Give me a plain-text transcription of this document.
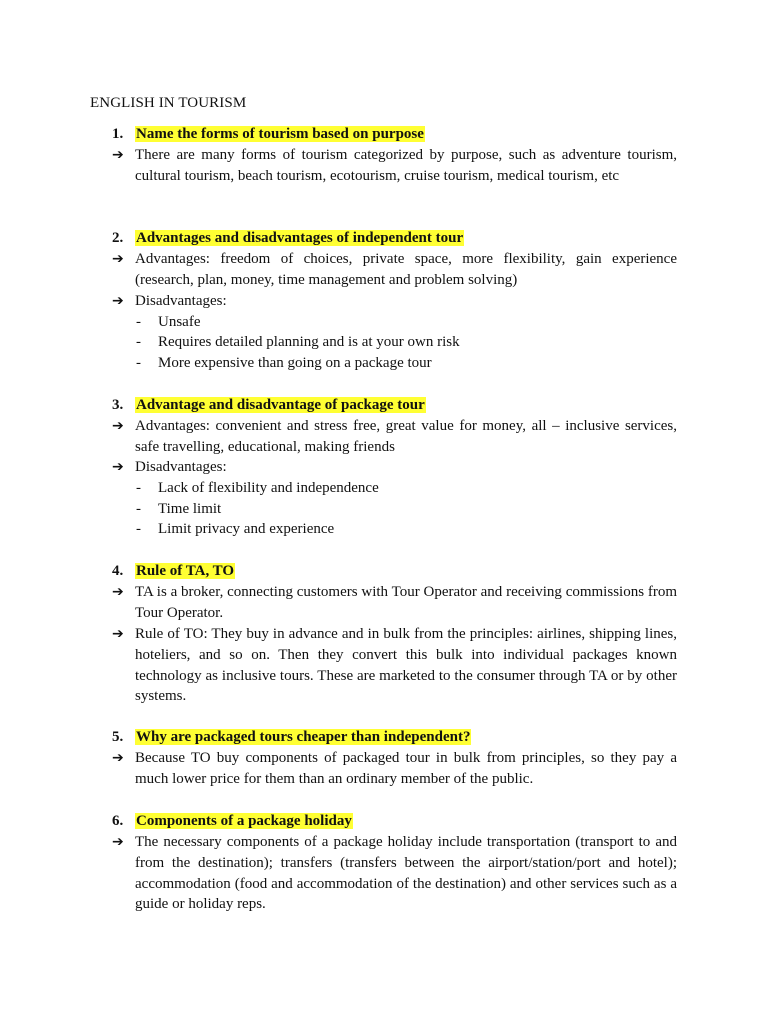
ENGLISH IN TOURISM
1. Name the forms of tourism based on purpose
➔ There are many forms of tourism categorized by purpose, such as adventure tourism, cultural tourism, beach tourism, ecotourism, cruise tourism, medical tourism, etc
2. Advantages and disadvantages of independent tour
➔ Advantages: freedom of choices, private space, more flexibility, gain experience (research, plan, money, time management and problem solving)
➔ Disadvantages:
- Unsafe
- Requires detailed planning and is at your own risk
- More expensive than going on a package tour
3. Advantage and disadvantage of package tour
➔ Advantages: convenient and stress free, great value for money, all – inclusive services, safe travelling, educational, making friends
➔ Disadvantages:
- Lack of flexibility and independence
- Time limit
- Limit privacy and experience
4. Rule of TA, TO
➔ TA is a broker, connecting customers with Tour Operator and receiving commissions from Tour Operator.
➔ Rule of TO: They buy in advance and in bulk from the principles: airlines, shipping lines, hoteliers, and so on. Then they convert this bulk into individual packages known technology as inclusive tours. These are marketed to the consumer through TA or by other systems.
5. Why are packaged tours cheaper than independent?
➔ Because TO buy components of packaged tour in bulk from principles, so they pay a much lower price for them than an ordinary member of the public.
6. Components of a package holiday
➔ The necessary components of a package holiday include transportation (transport to and from the destination); transfers (transfers between the airport/station/port and hotel); accommodation (food and accommodation of the destination) and other services such as a guide or holiday reps.
